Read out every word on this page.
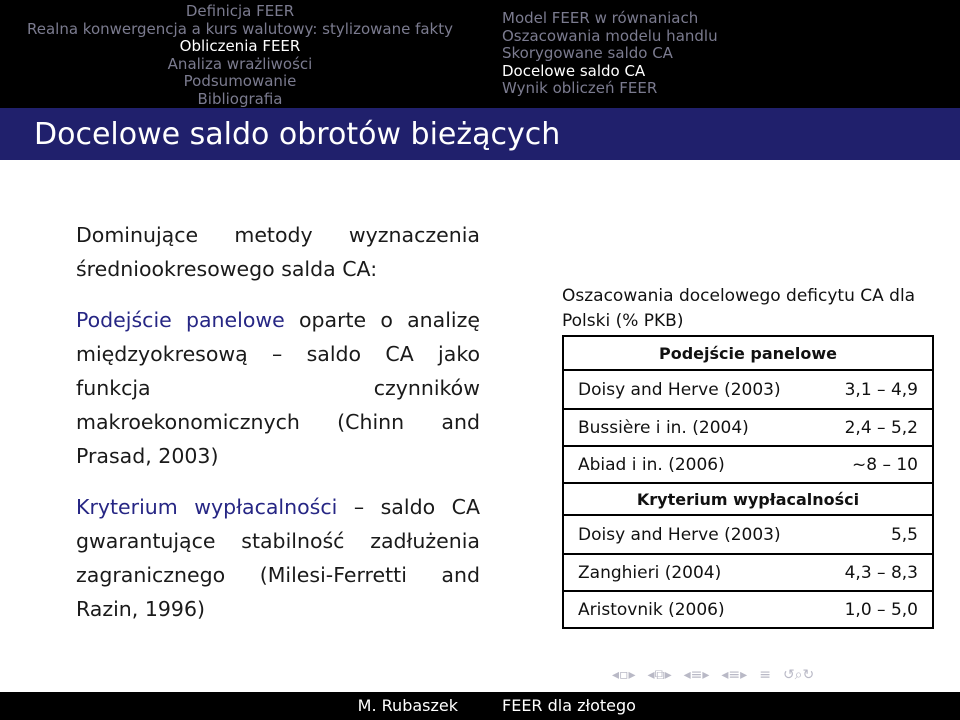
Definicja FEER
Realna konwergencja a kurs walutowy: stylizowane fakty
Obliczenia FEER
Analiza wrażliwości
Podsumowanie
Bibliografia
Model FEER w równaniach
Oszacowania modelu handlu
Skorygowane saldo CA
Docelowe saldo CA
Wynik obliczeń FEER
Docelowe saldo obrotów bieżących

Dominujące metody wyznaczenia średniookresowego salda CA:

Podejście panelowe oparte o analizę międzyokresową – saldo CA jako funkcja czynników makroekonomicznych (Chinn and Prasad, 2003)

Kryterium wypłacalności – saldo CA gwarantujące stabilność zadłużenia zagranicznego (Milesi-Ferretti and Razin, 1996)

Oszacowania docelowego deficytu CA dla Polski (% PKB)
Podejście panelowe
Doisy and Herve (2003)	3,1 – 4,9
Bussière i in. (2004)	2,4 – 5,2
Abiad i in. (2006)	~8 – 10
Kryterium wypłacalności
Doisy and Herve (2003)	5,5
Zanghieri (2004)	4,3 – 8,3
Aristovnik (2006)	1,0 – 5,0
◂▫▸ ◂⧉▸ ◂≡▸ ◂≡▸ ≡ ↺⌕↻
M. Rubaszek	FEER dla złotego
